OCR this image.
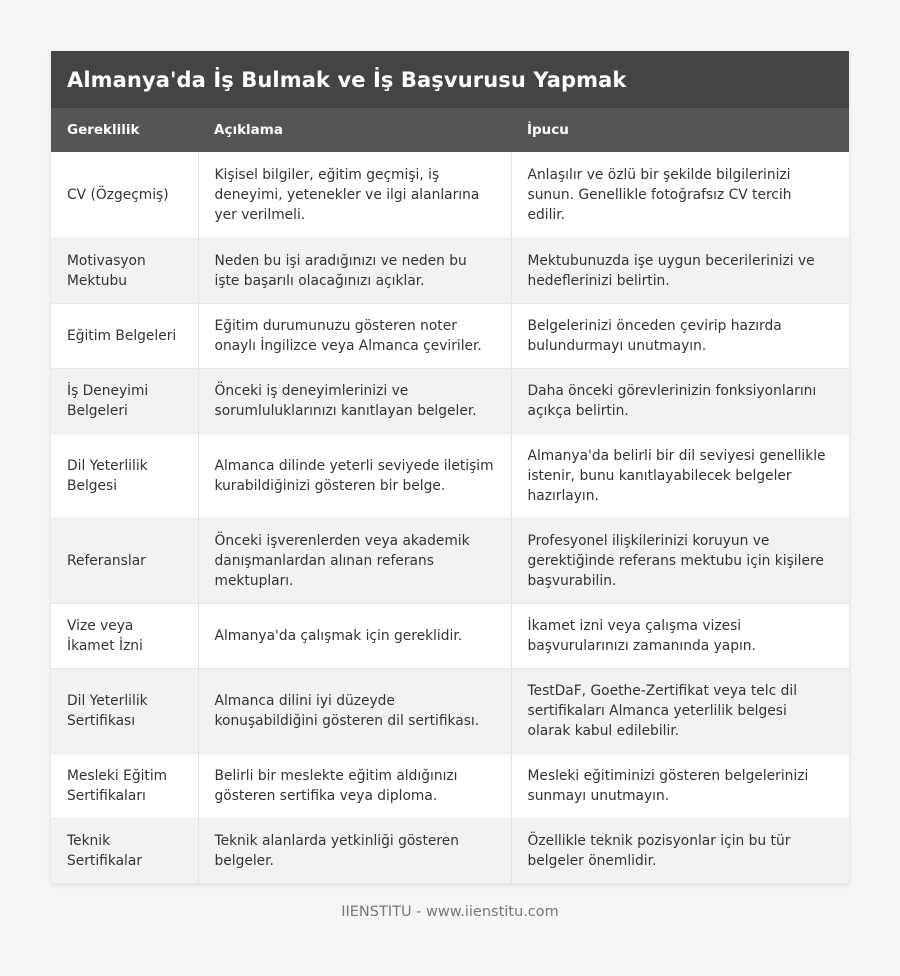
Almanya'da İş Bulmak ve İş Başvurusu Yapmak
Gereklilik	Açıklama	İpucu
CV (Özgeçmiş)	Kişisel bilgiler, eğitim geçmişi, iş deneyimi, yetenekler ve ilgi alanlarına yer verilmeli.	Anlaşılır ve özlü bir şekilde bilgilerinizi sunun. Genellikle fotoğrafsız CV tercih edilir.
Motivasyon Mektubu	Neden bu işi aradığınızı ve neden bu işte başarılı olacağınızı açıklar.	Mektubunuzda işe uygun becerilerinizi ve hedeflerinizi belirtin.
Eğitim Belgeleri	Eğitim durumunuzu gösteren noter onaylı İngilizce veya Almanca çeviriler.	Belgelerinizi önceden çevirip hazırda bulundurmayı unutmayın.
İş Deneyimi Belgeleri	Önceki iş deneyimlerinizi ve sorumluluklarınızı kanıtlayan belgeler.	Daha önceki görevlerinizin fonksiyonlarını açıkça belirtin.
Dil Yeterlilik Belgesi	Almanca dilinde yeterli seviyede iletişim kurabildiğinizi gösteren bir belge.	Almanya'da belirli bir dil seviyesi genellikle istenir, bunu kanıtlayabilecek belgeler hazırlayın.
Referanslar	Önceki işverenlerden veya akademik danışmanlardan alınan referans mektupları.	Profesyonel ilişkilerinizi koruyun ve gerektiğinde referans mektubu için kişilere başvurabilin.
Vize veya İkamet İzni	Almanya'da çalışmak için gereklidir.	İkamet izni veya çalışma vizesi başvurularınızı zamanında yapın.
Dil Yeterlilik Sertifikası	Almanca dilini iyi düzeyde konuşabildiğini gösteren dil sertifikası.	TestDaF, Goethe-Zertifikat veya telc dil sertifikaları Almanca yeterlilik belgesi olarak kabul edilebilir.
Mesleki Eğitim Sertifikaları	Belirli bir meslekte eğitim aldığınızı gösteren sertifika veya diploma.	Mesleki eğitiminizi gösteren belgelerinizi sunmayı unutmayın.
Teknik Sertifikalar	Teknik alanlarda yetkinliği gösteren belgeler.	Özellikle teknik pozisyonlar için bu tür belgeler önemlidir.
IIENSTITU - www.iienstitu.com
